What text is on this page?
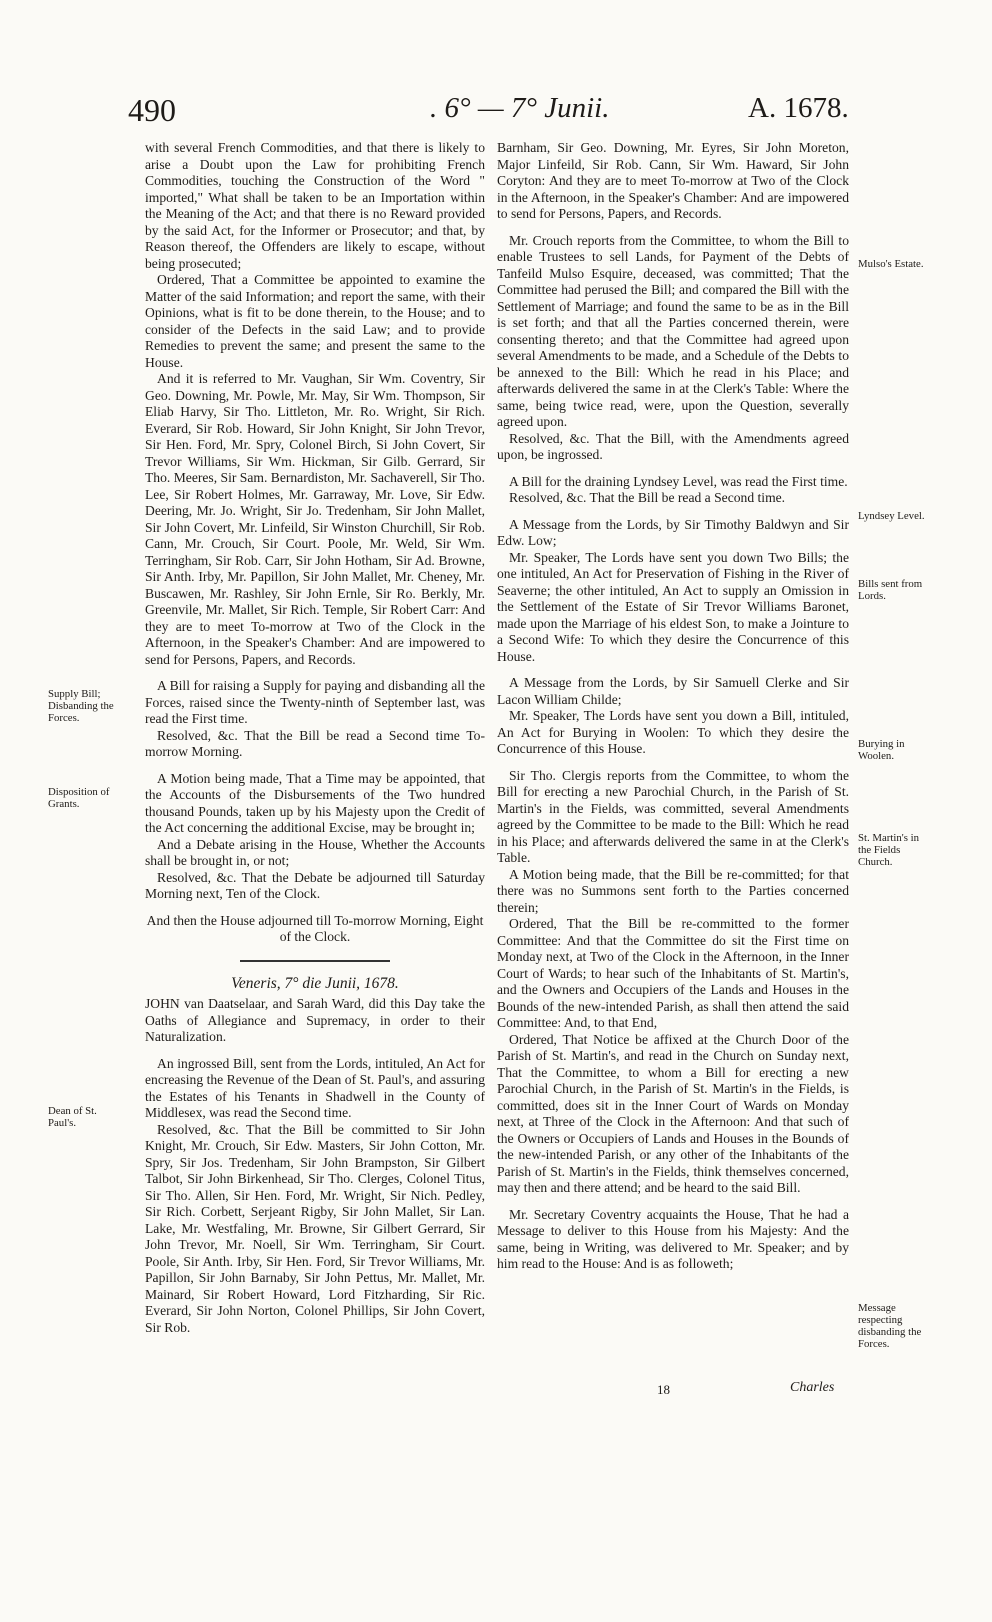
490	. 6° — 7° Junii.	A. 1678.

with several French Commodities, and that there is likely to arise a Doubt upon the Law for prohibiting French Commodities, touching the Construction of the Word " imported," What shall be taken to be an Importation within the Meaning of the Act; and that there is no Reward provided by the said Act, for the Informer or Prosecutor; and that, by Reason thereof, the Offenders are likely to escape, without being prosecuted;

Ordered, That a Committee be appointed to examine the Matter of the said Information; and report the same, with their Opinions, what is fit to be done therein, to the House; and to consider of the Defects in the said Law; and to provide Remedies to prevent the same; and present the same to the House.

And it is referred to Mr. Vaughan, Sir Wm. Coventry, Sir Geo. Downing, Mr. Powle, Mr. May, Sir Wm. Thompson, Sir Eliab Harvy, Sir Tho. Littleton, Mr. Ro. Wright, Sir Rich. Everard, Sir Rob. Howard, Sir John Knight, Sir John Trevor, Sir Hen. Ford, Mr. Spry, Colonel Birch, Si John Covert, Sir Trevor Williams, Sir Wm. Hickman, Sir Gilb. Gerrard, Sir Tho. Meeres, Sir Sam. Bernardiston, Mr. Sachaverell, Sir Tho. Lee, Sir Robert Holmes, Mr. Garraway, Mr. Love, Sir Edw. Deering, Mr. Jo. Wright, Sir Jo. Tredenham, Sir John Mallet, Sir John Covert, Mr. Linfeild, Sir Winston Churchill, Sir Rob. Cann, Mr. Crouch, Sir Court. Poole, Mr. Weld, Sir Wm. Terringham, Sir Rob. Carr, Sir John Hotham, Sir Ad. Browne, Sir Anth. Irby, Mr. Papillon, Sir John Mallet, Mr. Cheney, Mr. Buscawen, Mr. Rashley, Sir John Ernle, Sir Ro. Berkly, Mr. Greenvile, Mr. Mallet, Sir Rich. Temple, Sir Robert Carr: And they are to meet To-morrow at Two of the Clock in the Afternoon, in the Speaker's Chamber: And are impowered to send for Persons, Papers, and Records.

A Bill for raising a Supply for paying and disbanding all the Forces, raised since the Twenty-ninth of September last, was read the First time.

Resolved, &c. That the Bill be read a Second time To-morrow Morning.

A Motion being made, That a Time may be appointed, that the Accounts of the Disbursements of the Two hundred thousand Pounds, taken up by his Majesty upon the Credit of the Act concerning the additional Excise, may be brought in;

And a Debate arising in the House, Whether the Accounts shall be brought in, or not;

Resolved, &c. That the Debate be adjourned till Saturday Morning next, Ten of the Clock.

And then the House adjourned till To-morrow Morning, Eight of the Clock.

Veneris, 7° die Junii, 1678.

JOHN van Daatselaar, and Sarah Ward, did this Day take the Oaths of Allegiance and Supremacy, in order to their Naturalization.

An ingrossed Bill, sent from the Lords, intituled, An Act for encreasing the Revenue of the Dean of St. Paul's, and assuring the Estates of his Tenants in Shadwell in the County of Middlesex, was read the Second time.

Resolved, &c. That the Bill be committed to Sir John Knight, Mr. Crouch, Sir Edw. Masters, Sir John Cotton, Mr. Spry, Sir Jos. Tredenham, Sir John Brampston, Sir Gilbert Talbot, Sir John Birkenhead, Sir Tho. Clerges, Colonel Titus, Sir Tho. Allen, Sir Hen. Ford, Mr. Wright, Sir Nich. Pedley, Sir Rich. Corbett, Serjeant Rigby, Sir John Mallet, Sir Lan. Lake, Mr. Westfaling, Mr. Browne, Sir Gilbert Gerrard, Sir John Trevor, Mr. Noell, Sir Wm. Terringham, Sir Court. Poole, Sir Anth. Irby, Sir Hen. Ford, Sir Trevor Williams, Mr. Papillon, Sir John Barnaby, Sir John Pettus, Mr. Mallet, Mr. Mainard, Sir Robert Howard, Lord Fitzharding, Sir Ric. Everard, Sir John Norton, Colonel Phillips, Sir John Covert, Sir Rob.

Barnham, Sir Geo. Downing, Mr. Eyres, Sir John Moreton, Major Linfeild, Sir Rob. Cann, Sir Wm. Haward, Sir John Coryton: And they are to meet To-morrow at Two of the Clock in the Afternoon, in the Speaker's Chamber: And are impowered to send for Persons, Papers, and Records.

Mr. Crouch reports from the Committee, to whom the Bill to enable Trustees to sell Lands, for Payment of the Debts of Tanfeild Mulso Esquire, deceased, was committed; That the Committee had perused the Bill; and compared the Bill with the Settlement of Marriage; and found the same to be as in the Bill is set forth; and that all the Parties concerned therein, were consenting thereto; and that the Committee had agreed upon several Amendments to be made, and a Schedule of the Debts to be annexed to the Bill: Which he read in his Place; and afterwards delivered the same in at the Clerk's Table: Where the same, being twice read, were, upon the Question, severally agreed upon.

Resolved, &c. That the Bill, with the Amendments agreed upon, be ingrossed.

A Bill for the draining Lyndsey Level, was read the First time.

Resolved, &c. That the Bill be read a Second time.

A Message from the Lords, by Sir Timothy Baldwyn and Sir Edw. Low;

Mr. Speaker, The Lords have sent you down Two Bills; the one intituled, An Act for Preservation of Fishing in the River of Seaverne; the other intituled, An Act to supply an Omission in the Settlement of the Estate of Sir Trevor Williams Baronet, made upon the Marriage of his eldest Son, to make a Jointure to a Second Wife: To which they desire the Concurrence of this House.

A Message from the Lords, by Sir Samuell Clerke and Sir Lacon William Childe;

Mr. Speaker, The Lords have sent you down a Bill, intituled, An Act for Burying in Woolen: To which they desire the Concurrence of this House.

Sir Tho. Clergis reports from the Committee, to whom the Bill for erecting a new Parochial Church, in the Parish of St. Martin's in the Fields, was committed, several Amendments agreed by the Committee to be made to the Bill: Which he read in his Place; and afterwards delivered the same in at the Clerk's Table.

A Motion being made, that the Bill be re-committed; for that there was no Summons sent forth to the Parties concerned therein;

Ordered, That the Bill be re-committed to the former Committee: And that the Committee do sit the First time on Monday next, at Two of the Clock in the Afternoon, in the Inner Court of Wards; to hear such of the Inhabitants of St. Martin's, and the Owners and Occupiers of the Lands and Houses in the Bounds of the new-intended Parish, as shall then attend the said Committee: And, to that End,

Ordered, That Notice be affixed at the Church Door of the Parish of St. Martin's, and read in the Church on Sunday next, That the Committee, to whom a Bill for erecting a new Parochial Church, in the Parish of St. Martin's in the Fields, is committed, does sit in the Inner Court of Wards on Monday next, at Three of the Clock in the Afternoon: And that such of the Owners or Occupiers of Lands and Houses in the Bounds of the new-intended Parish, or any other of the Inhabitants of the Parish of St. Martin's in the Fields, think themselves concerned, may then and there attend; and be heard to the said Bill.

Mr. Secretary Coventry acquaints the House, That he had a Message to deliver to this House from his Majesty: And the same, being in Writing, was delivered to Mr. Speaker; and by him read to the House: And is as followeth;

Supply Bill; Disbanding the Forces.
Disposition of Grants.
Dean of St. Paul's.
Mulso's Estate.
Lyndsey Level.
Bills sent from Lords.
Burying in Woolen.
St. Martin's in the Fields Church.
Message respecting disbanding the Forces.
18	Charles
